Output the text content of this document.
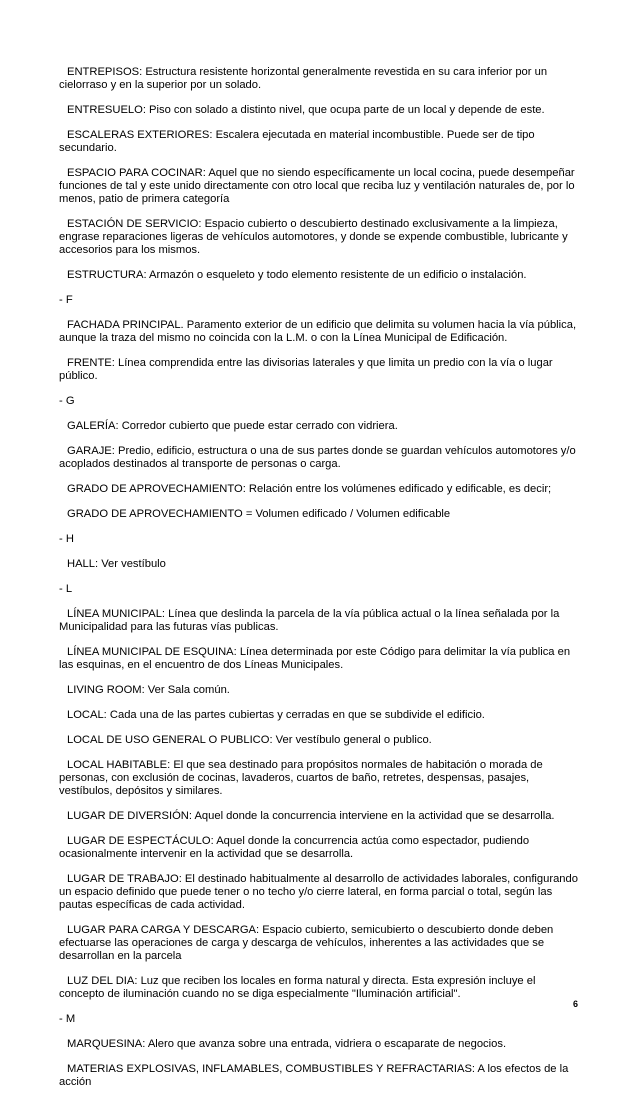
ENTREPISOS: Estructura resistente horizontal generalmente revestida en su cara inferior por un cielorraso y en la superior por un solado.

ENTRESUELO: Piso con solado a distinto nivel, que ocupa parte de un local y depende de este.

ESCALERAS EXTERIORES: Escalera ejecutada en material incombustible. Puede ser de tipo secundario.

ESPACIO PARA COCINAR: Aquel que no siendo específicamente un local cocina, puede desempeñar funciones de tal y este unido directamente con otro local que reciba luz y ventilación naturales de, por lo menos, patio de primera categoría

ESTACIÓN DE SERVICIO: Espacio cubierto o descubierto destinado exclusivamente a la limpieza, engrase reparaciones ligeras de vehículos automotores, y donde se expende combustible, lubricante y accesorios para los mismos.

ESTRUCTURA: Armazón o esqueleto y todo elemento resistente de un edificio o instalación.

- F

FACHADA PRINCIPAL. Paramento exterior de un edificio que delimita su volumen hacia la vía pública, aunque la traza del mismo no coincida con la L.M. o con la Línea Municipal de Edificación.

FRENTE: Línea comprendida entre las divisorias laterales y que limita un predio con la vía o lugar público.

- G

GALERÍA: Corredor cubierto que puede estar cerrado con vidriera.

GARAJE: Predio, edificio, estructura o una de sus partes donde se guardan vehículos automotores y/o acoplados destinados al transporte de personas o carga.

GRADO DE APROVECHAMIENTO: Relación entre los volúmenes edificado y edificable, es decir;

GRADO DE APROVECHAMIENTO = Volumen edificado / Volumen edificable

- H

HALL: Ver vestíbulo

- L

LÍNEA MUNICIPAL: Línea que deslinda la parcela de la vía pública actual o la línea señalada por la Municipalidad para las futuras vías publicas.

LÍNEA MUNICIPAL DE ESQUINA: Línea determinada por este Código para delimitar la vía publica en las esquinas, en el encuentro de dos Líneas Municipales.

LIVING ROOM: Ver Sala común.

LOCAL: Cada una de las partes cubiertas y cerradas en que se subdivide el edificio.

LOCAL DE USO GENERAL O PUBLICO: Ver vestíbulo general o publico.

LOCAL HABITABLE: El que sea destinado para propósitos normales de habitación o morada de personas, con exclusión de cocinas, lavaderos, cuartos de baño, retretes, despensas, pasajes, vestíbulos, depósitos y similares.

LUGAR DE DIVERSIÓN: Aquel donde la concurrencia interviene en la actividad que se desarrolla.

LUGAR DE ESPECTÁCULO: Aquel donde la concurrencia actúa como espectador, pudiendo ocasionalmente intervenir en la actividad que se desarrolla.

LUGAR DE TRABAJO: El destinado habitualmente al desarrollo de actividades laborales, configurando un espacio definido que puede tener o no techo y/o cierre lateral, en forma parcial o total, según las pautas específicas de cada actividad.

LUGAR PARA CARGA Y DESCARGA: Espacio cubierto, semicubierto o descubierto donde deben efectuarse las operaciones de carga y descarga de vehículos, inherentes a las actividades que se desarrollan en la parcela

LUZ DEL DIA: Luz que reciben los locales en forma natural y directa. Esta expresión incluye el concepto de iluminación cuando no se diga especialmente "Iluminación artificial".

- M

MARQUESINA: Alero que avanza sobre una entrada, vidriera o escaparate de negocios.

MATERIAS EXPLOSIVAS, INFLAMABLES, COMBUSTIBLES Y REFRACTARIAS: A los efectos de la acción

6
